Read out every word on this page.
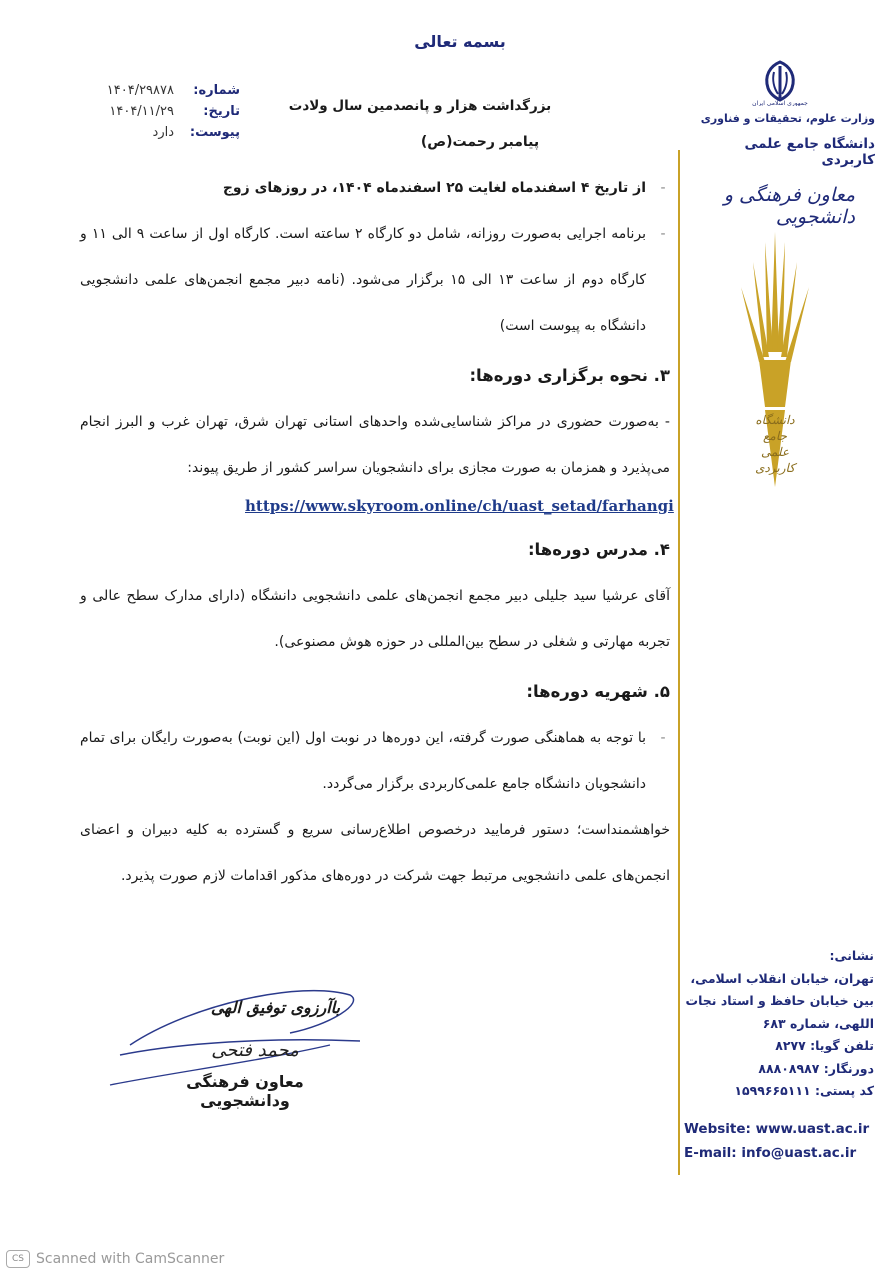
بسمه تعالی
شماره:
۱۴۰۴/۲۹۸۷۸
تاریخ:
۱۴۰۴/۱۱/۲۹
پیوست:
دارد
بزرگداشت هزار و پانصدمین سال ولادت
پیامبر رحمت(ص)
جمهوری اسلامی ایران
وزارت علوم، تحقیقات و فناوری
دانشگاه جامع علمی کاربردی
معاون فرهنگی و دانشجویی
دانشگاه جامع
علمی کاربردی
نشانی:
تهران، خیابان انقلاب اسلامی،
بین خیابان حافظ و استاد نجات
اللهی، شماره ۶۸۳
تلفن گویا: ۸۲۷۷
دورنگار: ۸۸۸۰۸۹۸۷
کد پستی: ۱۵۹۹۶۶۵۱۱۱
Website: www.uast.ac.ir
E-mail: info@uast.ac.ir
-
از تاریخ ۴ اسفندماه لغایت ۲۵ اسفندماه ۱۴۰۴، در روزهای زوج
-
برنامه اجرایی به‌صورت روزانه، شامل دو کارگاه ۲ ساعته است. کارگاه اول از ساعت ۹ الی ۱۱ و کارگاه دوم از ساعت ۱۳ الی ۱۵ برگزار می‌شود. (نامه دبیر مجمع انجمن‌های علمی دانشجویی دانشگاه به پیوست است)
۳. نحوه برگزاری دوره‌ها:
- به‌صورت حضوری در مراکز شناسایی‌شده واحدهای استانی تهران شرق، تهران غرب و البرز انجام می‌پذیرد و همزمان به صورت مجازی برای دانشجویان سراسر کشور از طریق پیوند:
https://www.skyroom.online/ch/uast_setad/farhangi
۴. مدرس دوره‌ها:
آقای عرشیا سید جلیلی دبیر مجمع انجمن‌های علمی دانشجویی دانشگاه (دارای مدارک سطح عالی و تجربه مهارتی و شغلی در سطح بین‌المللی در حوزه هوش مصنوعی).
۵. شهریه دوره‌ها:
-
با توجه به هماهنگی صورت گرفته، این دوره‌ها در نوبت اول (این نوبت) به‌صورت رایگان برای تمام دانشجویان دانشگاه جامع علمی‌کاربردی برگزار می‌گردد.
خواهشمنداست؛ دستور فرمایید درخصوص اطلاع‌رسانی سریع و گسترده به کلیه دبیران و اعضای انجمن‌های علمی دانشجویی مرتبط جهت شرکت در دوره‌های مذکور اقدامات لازم صورت پذیرد.
باآرزوی توفیق الهی
محمد فتحی
معاون فرهنگی ودانشجویی
CS Scanned with CamScanner
